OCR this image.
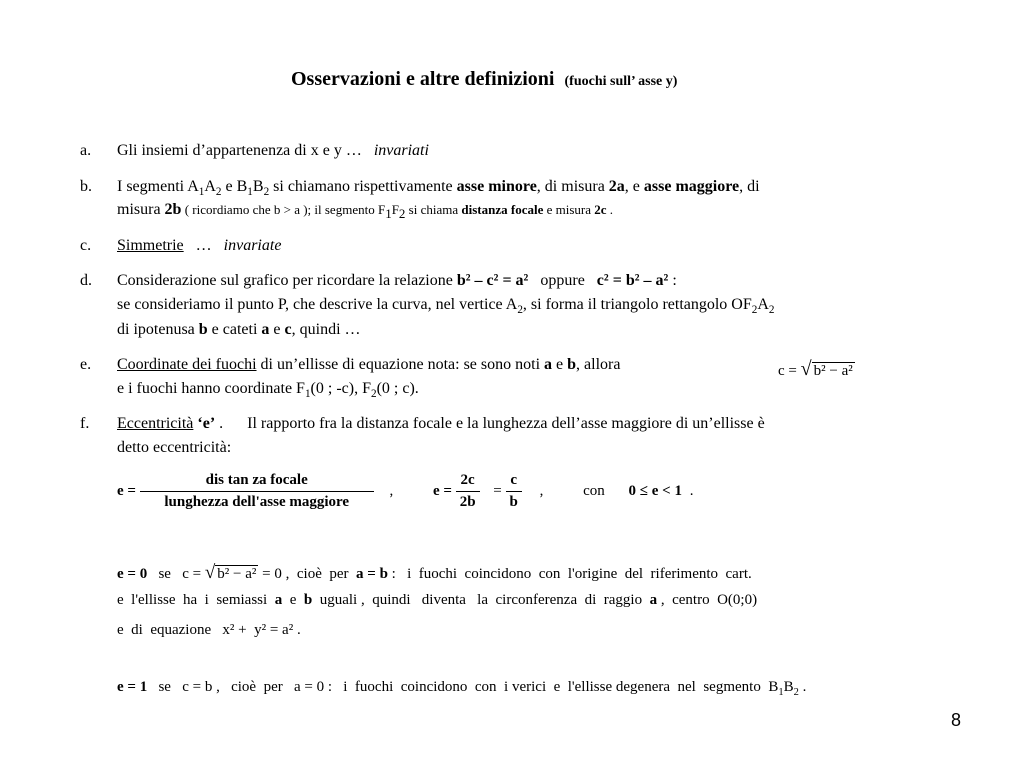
Osservazioni e altre definizioni (fuochi sull’ asse y)
a. Gli insiemi d’appartenenza di x e y … invariati
b. I segmenti $A_1A_2$ e $B_1B_2$ si chiamano rispettivamente asse minore, di misura 2a, e asse maggiore, di
misura 2b ( ricordiamo che b > a ); il segmento $F_1F_2$ si chiama distanza focale e misura 2c .
c. Simmetrie   …   invariate
d. Considerazione sul grafico per ricordare la relazione b² – c² = a²   oppure   c² = b² – a² :
se consideriamo il punto P, che descrive la curva, nel vertice $A_2$, si forma il triangolo rettangolo $OF_2A_2$
di ipotenusa b e cateti a e c, quindi …
e. Coordinate dei fuochi di un’ellisse di equazione nota: se sono noti a e b, allora	c = √ b² − a²
e i fuochi hanno coordinate $F_1(0$ ; -c), $F_2(0$ ; c).
f. Eccentricità ‘e’ .      Il rapporto fra la distanza focale e la lunghezza dell’asse maggiore di un’ellisse è
detto eccentricità:
$e = \frac{\text{dis tan za focale}}{\text{lunghezza dell'asse maggiore}}$ ,	$e = \frac{2c}{2b} = \frac{c}{b}$ ,	con 0 ≤ e < 1 .
e = 0   se   c = √ b² − a² = 0 ,  cioè  per  a = b :   i  fuochi  coincidono  con  l'origine  del  riferimento  cart.
e  l'ellisse  ha  i  semiassi  a  e  b  uguali ,  quindi   diventa   la  circonferenza  di  raggio  a ,  centro  O(0;0)
e  di  equazione   x² +  y² = a² .
e = 1   se   c = b ,   cioè  per   a = 0 :   i  fuochi  coincidono  con  i verici  e  l'ellisse degenera  nel  segmento  $B_1B_2$ .
8
